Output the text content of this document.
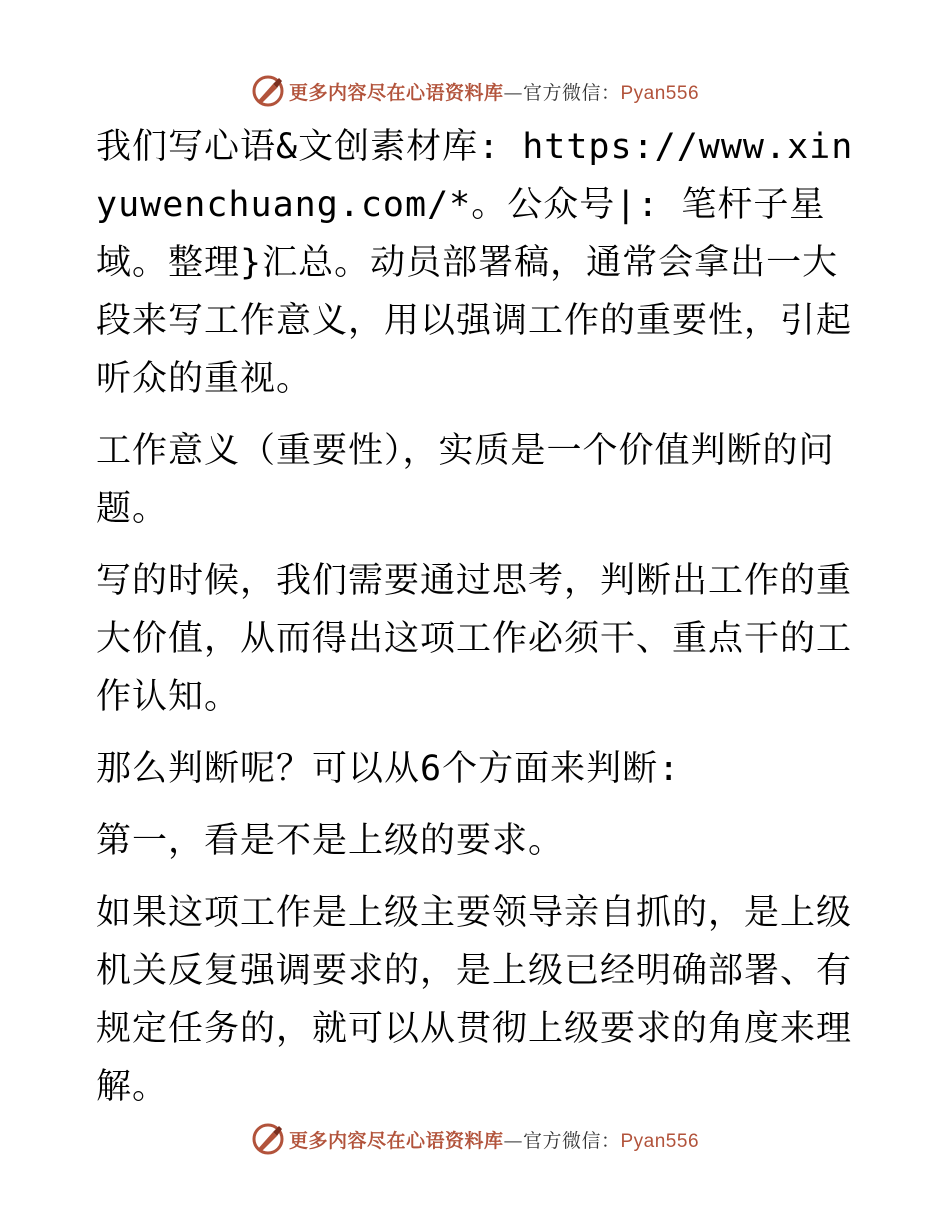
更多内容尽在心语资料库—官方微信：Pyan556

我们写心语&文创素材库: https://www.xinyuwenchuang.com/*。公众号|: 笔杆子星域。整理}汇总。动员部署稿，通常会拿出一大段来写工作意义，用以强调工作的重要性，引起听众的重视。

工作意义（重要性），实质是一个价值判断的问题。

写的时候，我们需要通过思考，判断出工作的重大价值，从而得出这项工作必须干、重点干的工作认知。

那么判断呢？可以从6个方面来判断:

第一，看是不是上级的要求。

如果这项工作是上级主要领导亲自抓的，是上级机关反复强调要求的，是上级已经明确部署、有规定任务的，就可以从贯彻上级要求的角度来理解。

更多内容尽在心语资料库—官方微信：Pyan556
